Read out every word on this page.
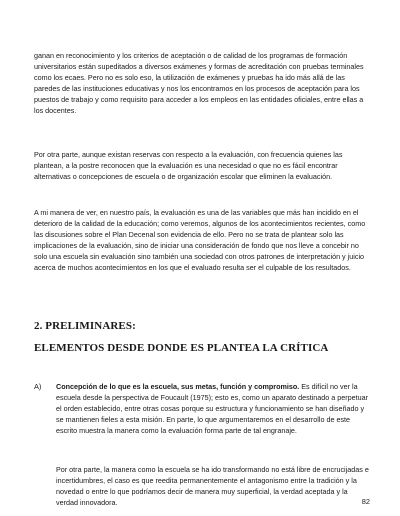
ganan en reconocimiento y los criterios de aceptación o de calidad de los programas de formación universitarios están supeditados a diversos exámenes y formas de acreditación con pruebas terminales como los ecaes. Pero no es solo eso, la utilización de exámenes y pruebas ha ido más allá de las paredes de las instituciones educativas y nos los encontramos en los procesos de aceptación para los puestos de trabajo y como requisito para acceder a los empleos en las entidades oficiales, entre ellas a los docentes.

Por otra parte, aunque existan reservas con respecto a la evaluación, con frecuencia quienes las plantean, a la postre reconocen que la evaluación es una necesidad o que no es fácil encontrar alternativas o concepciones de escuela o de organización escolar que eliminen la evaluación.

A mi manera de ver, en nuestro país, la evaluación es una de las variables que más han incidido en el deterioro de la calidad de la educación; como veremos, algunos de los acontecimientos recientes, como las discusiones sobre el Plan Decenal son evidencia de ello. Pero no se trata de plantear solo las implicaciones de la evaluación, sino de iniciar una consideración de fondo que nos lleve a concebir no solo una escuela sin evaluación sino también una sociedad con otros patrones de interpretación y juicio acerca de muchos acontecimientos en los que el evaluado resulta ser el culpable de los resultados.

2. PRELIMINARES:
ELEMENTOS DESDE DONDE ES PLANTEA LA CRÍTICA
A) Concepción de lo que es la escuela, sus metas, función y compromiso. Es difícil no ver la escuela desde la perspectiva de Foucault (1975); esto es, como un aparato destinado a perpetuar el orden establecido, entre otras cosas porque su estructura y funcionamiento se han diseñado y se mantienen fieles a esta misión. En parte, lo que argumentaremos en el desarrollo de este escrito muestra la manera como la evaluación forma parte de tal engranaje.

Por otra parte, la manera como la escuela se ha ido transformando no está libre de encrucijadas e incertidumbres, el caso es que reedita permanentemente el antagonismo entre la tradición y la novedad o entre lo que podríamos decir de manera muy superficial, la verdad aceptada y la verdad innovadora.	82
